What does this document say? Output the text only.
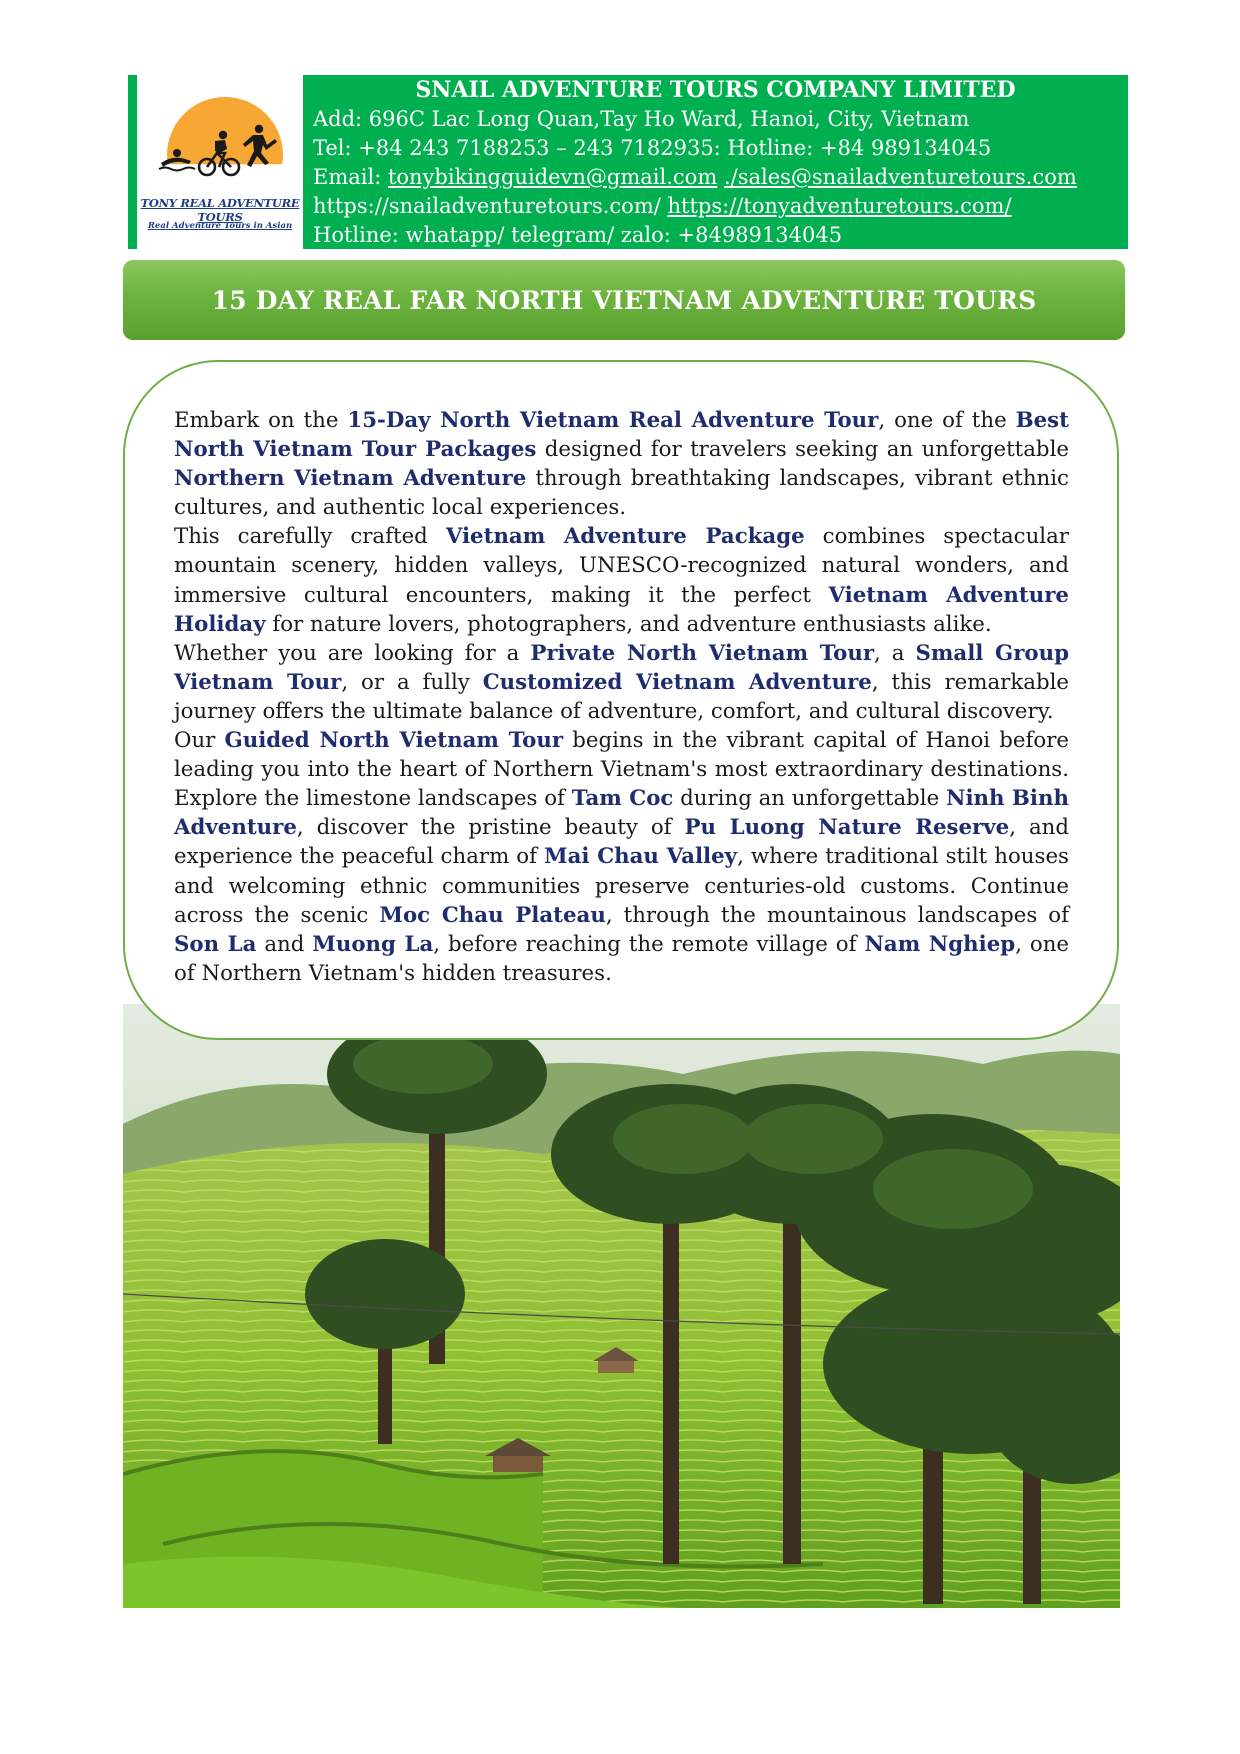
TONY REAL ADVENTURE TOURS
Real Adventure Tours in Asian
SNAIL ADVENTURE TOURS COMPANY LIMITED
Add: 696C Lac Long Quan,Tay Ho Ward, Hanoi, City, Vietnam
Tel: +84 243 7188253 – 243 7182935: Hotline: +84 989134045
Email: tonybikingguidevn@gmail.com ./sales@snailadventuretours.com
https://snailadventuretours.com/ https://tonyadventuretours.com/
Hotline: whatapp/ telegram/ zalo: +84989134045
15 DAY REAL FAR NORTH VIETNAM ADVENTURE TOURS

Embark on the 15-Day North Vietnam Real Adventure Tour, one of the Best North Vietnam Tour Packages designed for travelers seeking an unforgettable Northern Vietnam Adventure through breathtaking landscapes, vibrant ethnic cultures, and authentic local experiences.

This carefully crafted Vietnam Adventure Package combines spectacular mountain scenery, hidden valleys, UNESCO-recognized natural wonders, and immersive cultural encounters, making it the perfect Vietnam Adventure Holiday for nature lovers, photographers, and adventure enthusiasts alike.

Whether you are looking for a Private North Vietnam Tour, a Small Group Vietnam Tour, or a fully Customized Vietnam Adventure, this remarkable journey offers the ultimate balance of adventure, comfort, and cultural discovery.

Our Guided North Vietnam Tour begins in the vibrant capital of Hanoi before leading you into the heart of Northern Vietnam's most extraordinary destinations. Explore the limestone landscapes of Tam Coc during an unforgettable Ninh Binh Adventure, discover the pristine beauty of Pu Luong Nature Reserve, and experience the peaceful charm of Mai Chau Valley, where traditional stilt houses and welcoming ethnic communities preserve centuries-old customs. Continue across the scenic Moc Chau Plateau, through the mountainous landscapes of Son La and Muong La, before reaching the remote village of Nam Nghiep, one of Northern Vietnam's hidden treasures.
